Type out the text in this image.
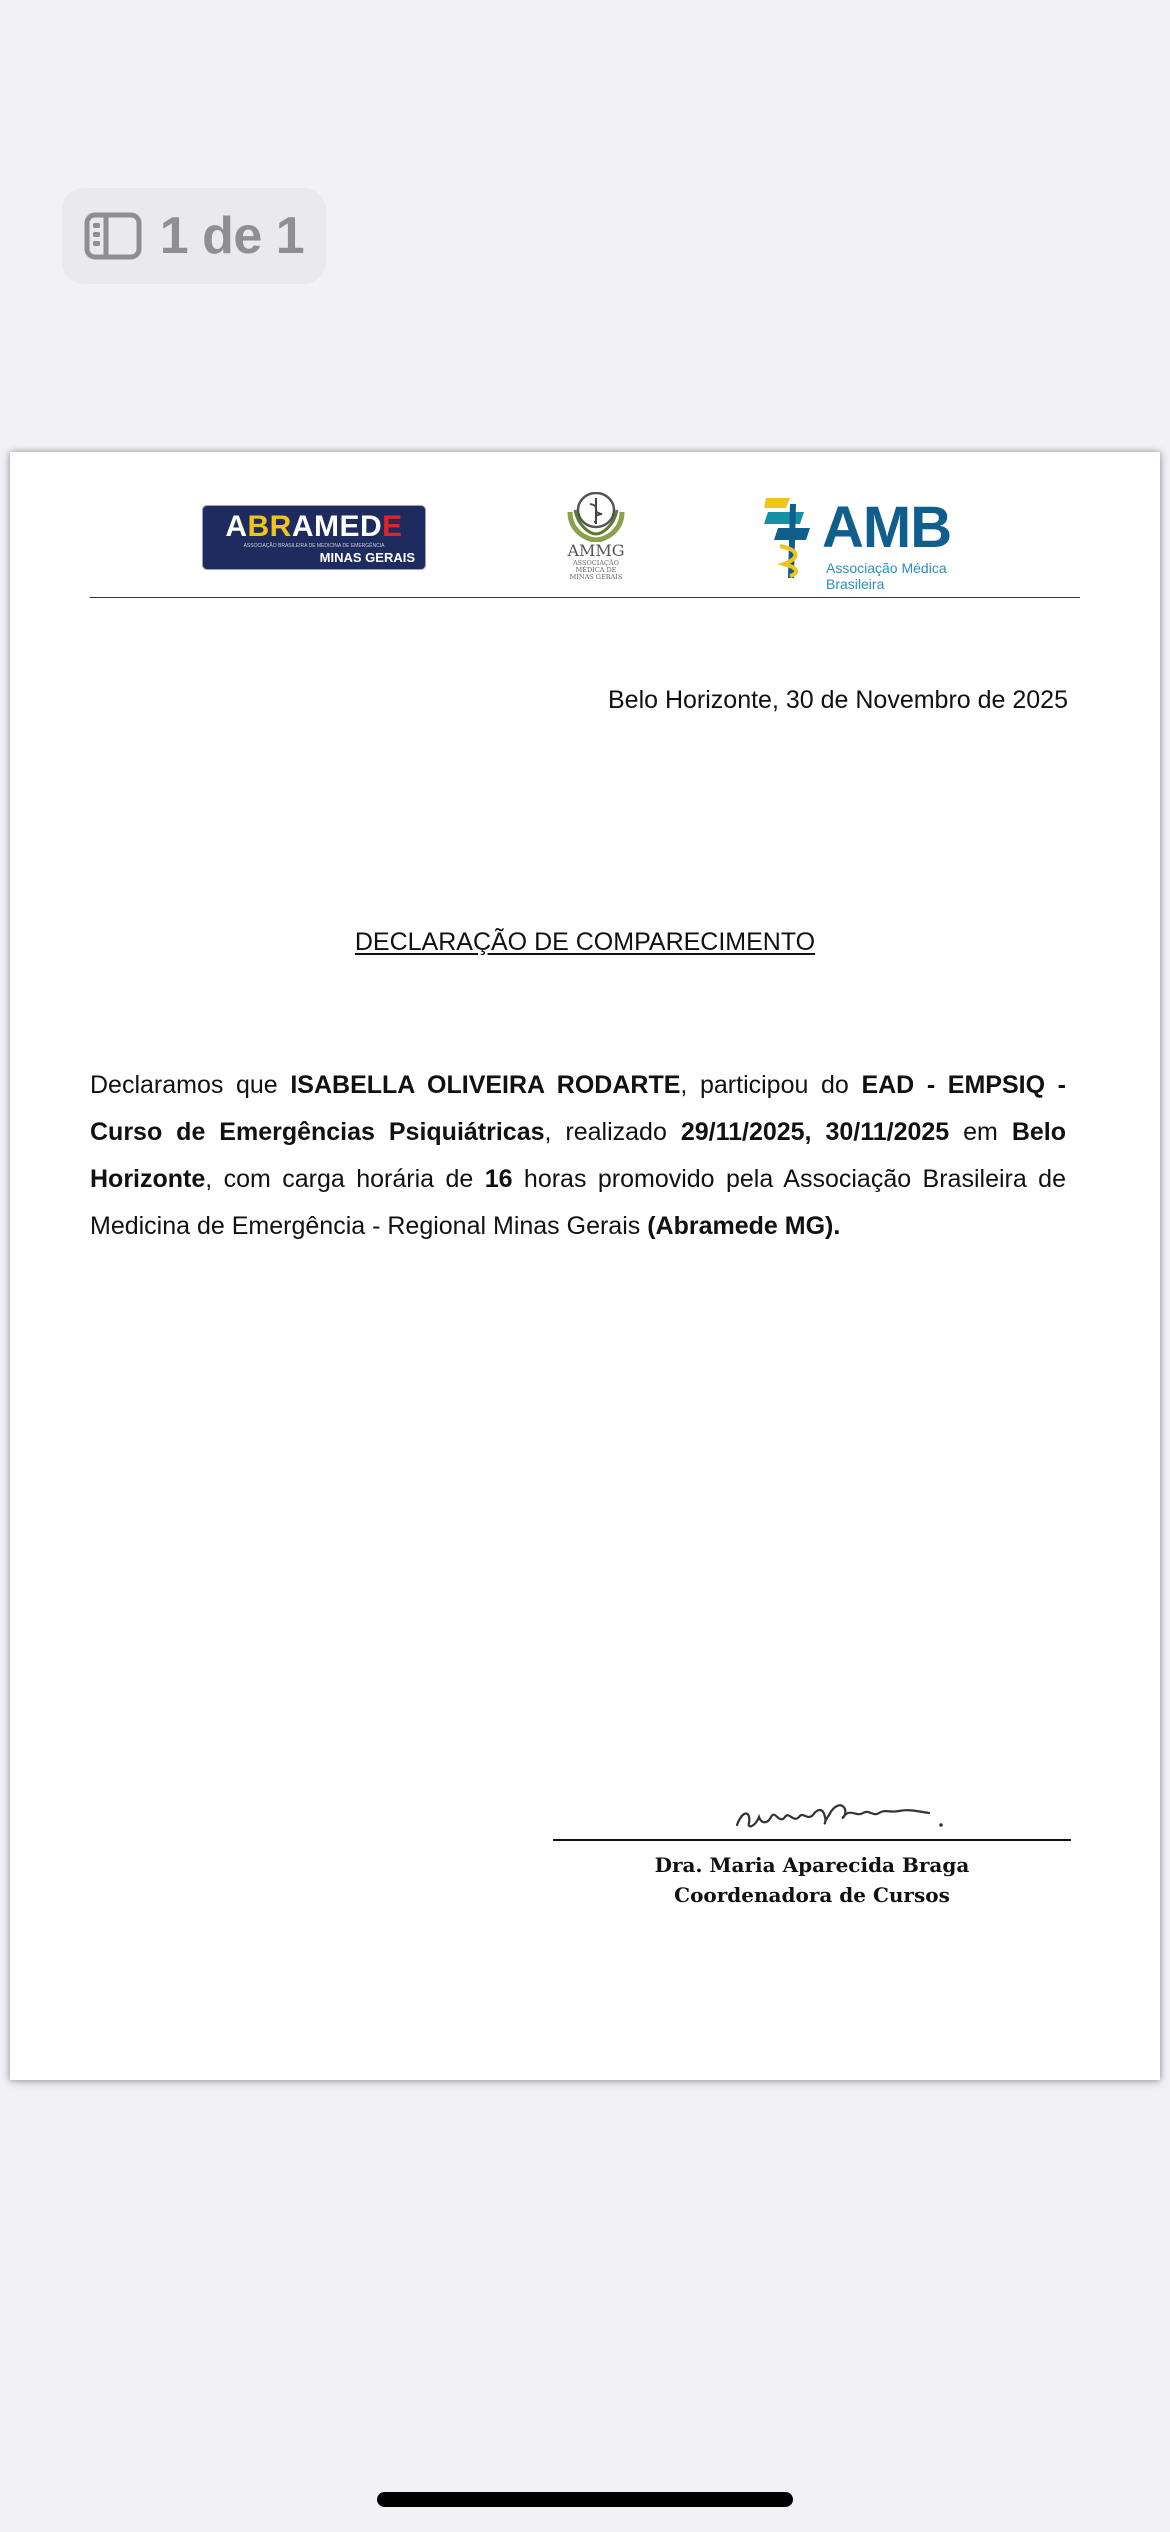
1 de 1
ABRAMEDE
ASSOCIAÇÃO BRASILEIRA DE MEDICINA DE EMERGÊNCIA
MINAS GERAIS	AMMG
ASSOCIAÇÃO
MÉDICA DE
MINAS GERAIS
AMB
Associação Médica Brasileira
Belo Horizonte, 30 de Novembro de 2025
DECLARAÇÃO DE COMPARECIMENTO
Declaramos que ISABELLA OLIVEIRA RODARTE, participou do EAD - EMPSIQ - Curso de Emergências Psiquiátricas, realizado 29/11/2025, 30/11/2025 em Belo Horizonte, com carga horária de 16 horas promovido pela Associação Brasileira de Medicina de Emergência - Regional Minas Gerais (Abramede MG).
Dra. Maria Aparecida Braga
Coordenadora de Cursos
